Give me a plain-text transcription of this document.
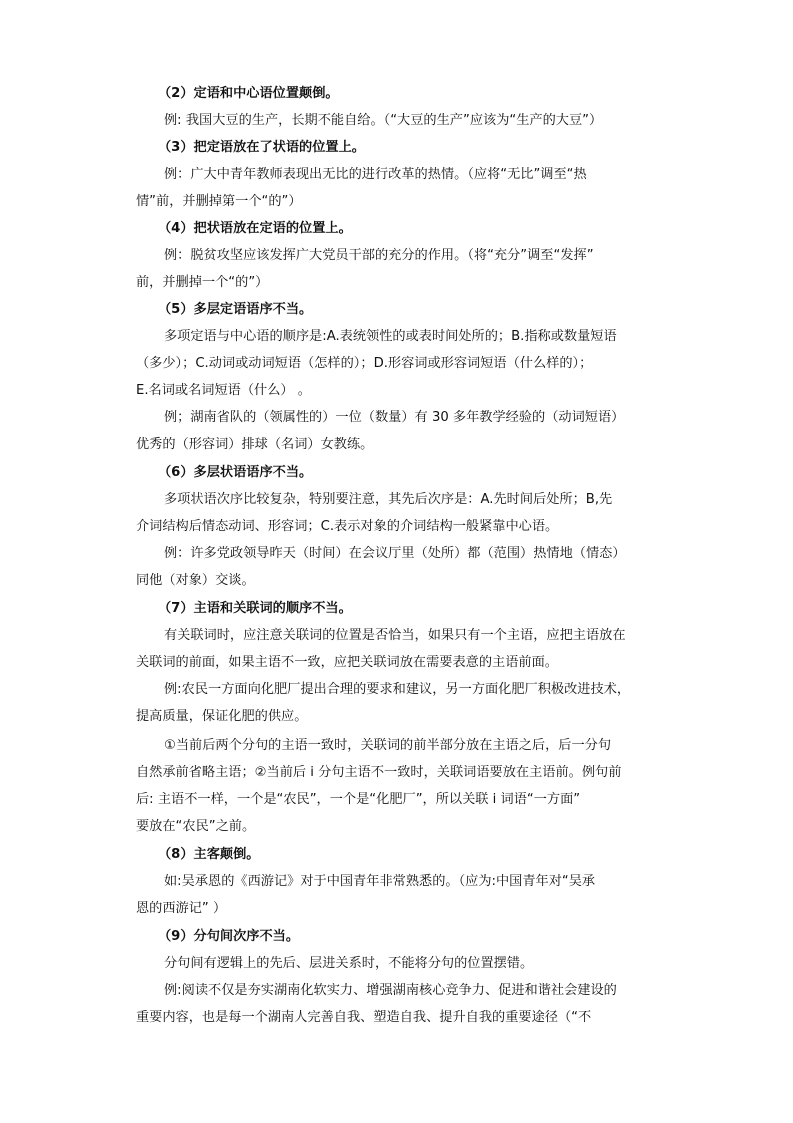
（2）定语和中心语位置颠倒。

例: 我国大豆的生产，长期不能自给。（“大豆的生产”应该为“生产的大豆”）

（3）把定语放在了状语的位置上。

例：广大中青年教师表现出无比的进行改革的热情。（应将“无比”调至“热

情”前，并删掉第一个“的”）

（4）把状语放在定语的位置上。

例：脱贫攻坚应该发挥广大党员干部的充分的作用。（将“充分”调至“发挥”

前，并删掉一个“的”）

（5）多层定语语序不当。

多项定语与中心语的顺序是:A.表统领性的或表时间处所的；B.指称或数量短语

（多少）；C.动词或动词短语（怎样的）；D.形容词或形容词短语（什么样的）；

E.名词或名词短语（什么） 。

例；湖南省队的（领属性的）一位（数量）有 30 多年教学经验的（动词短语）

优秀的（形容词）排球（名词）女教练。

（6）多层状语语序不当。

多项状语次序比较复杂，特别要注意，其先后次序是：A.先时间后处所；B,先

介词结构后情态动词、形容词；C.表示对象的介词结构一般紧靠中心语。

例：许多党政领导昨天（时间）在会议厅里（处所）都（范围）热情地（情态）

同他（对象）交谈。

（7）主语和关联词的顺序不当。

有关联词时，应注意关联词的位置是否恰当，如果只有一个主语，应把主语放在

关联词的前面，如果主语不一致，应把关联词放在需要表意的主语前面。

例:农民一方面向化肥厂提出合理的要求和建议，另一方面化肥厂积极改进技术，

提高质量，保证化肥的供应。

①当前后两个分句的主语一致时，关联词的前半部分放在主语之后，后一分句

自然承前省略主语；②当前后 i 分句主语不一致时，关联词语要放在主语前。例句前

后: 主语不一样，一个是“农民”，一个是“化肥厂”，所以关联 i 词语“一方面”

要放在“农民”之前。

（8）主客颠倒。

如:吴承恩的《西游记》对于中国青年非常熟悉的。（应为:中国青年对“吴承

恩的西游记” ）

（9）分句间次序不当。

分句间有逻辑上的先后、层进关系时，不能将分句的位置摆错。

例:阅读不仅是夯实湖南化软实力、增强湖南核心竞争力、促进和谐社会建设的

重要内容，也是每一个湖南人完善自我、塑造自我、提升自我的重要途径（“不
